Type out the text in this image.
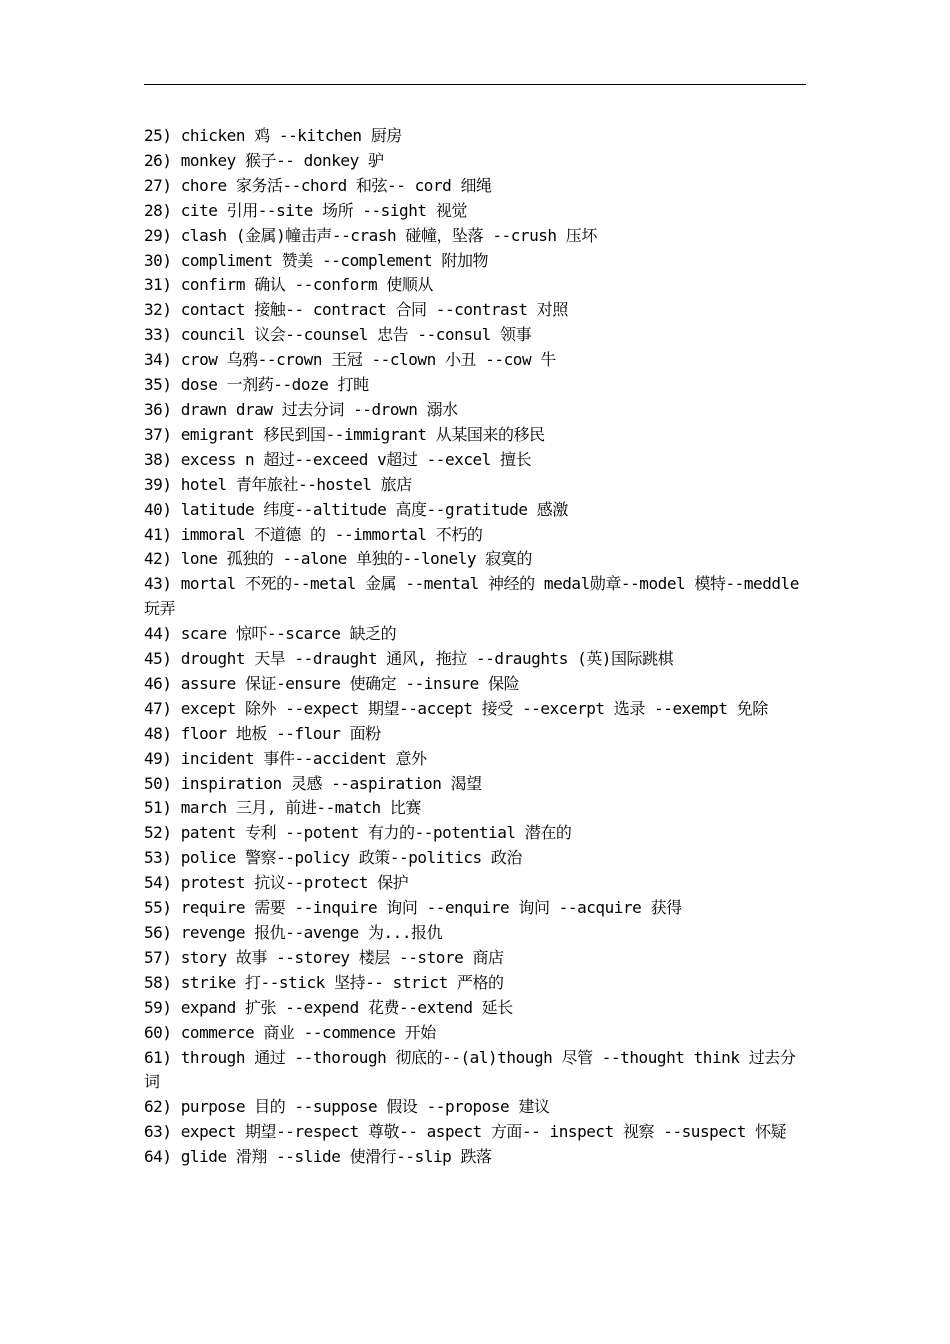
25) chicken 鸡 --kitchen 厨房
26) monkey 猴子-- donkey 驴
27) chore 家务活--chord 和弦-- cord 细绳
28) cite 引用--site 场所 --sight 视觉
29) clash (金属)幢击声--crash 碰幢，坠落 --crush 压坏
30) compliment 赞美 --complement 附加物
31) confirm 确认 --conform 使顺从
32) contact 接触-- contract 合同 --contrast 对照
33) council 议会--counsel 忠告 --consul 领事
34) crow 乌鸦--crown 王冠 --clown 小丑 --cow 牛
35) dose 一剂药--doze 打盹
36) drawn draw 过去分词 --drown 溺水
37) emigrant 移民到国--immigrant 从某国来的移民
38) excess n 超过--exceed v超过 --excel 擅长
39) hotel 青年旅社--hostel 旅店
40) latitude 纬度--altitude 高度--gratitude 感激
41) immoral 不道德 的 --immortal 不朽的
42) lone 孤独的 --alone 单独的--lonely 寂寞的
43) mortal 不死的--metal 金属 --mental 神经的 medal勋章--model 模特--meddle 玩弄
44) scare 惊吓--scarce 缺乏的
45) drought 天旱 --draught 通风, 拖拉 --draughts (英)国际跳棋
46) assure 保证-ensure 使确定 --insure 保险
47) except 除外 --expect 期望--accept 接受 --excerpt 选录 --exempt 免除
48) floor 地板 --flour 面粉
49) incident 事件--accident 意外
50) inspiration 灵感 --aspiration 渴望
51) march 三月, 前进--match 比赛
52) patent 专利 --potent 有力的--potential 潜在的
53) police 警察--policy 政策--politics 政治
54) protest 抗议--protect 保护
55) require 需要 --inquire 询问 --enquire 询问 --acquire 获得
56) revenge 报仇--avenge 为...报仇
57) story 故事 --storey 楼层 --store 商店
58) strike 打--stick 坚持-- strict 严格的
59) expand 扩张 --expend 花费--extend 延长
60) commerce 商业 --commence 开始
61) through 通过 --thorough 彻底的--(al)though 尽管 --thought think 过去分词
62) purpose 目的 --suppose 假设 --propose 建议
63) expect 期望--respect 尊敬-- aspect 方面-- inspect 视察 --suspect 怀疑
64) glide 滑翔 --slide 使滑行--slip 跌落
